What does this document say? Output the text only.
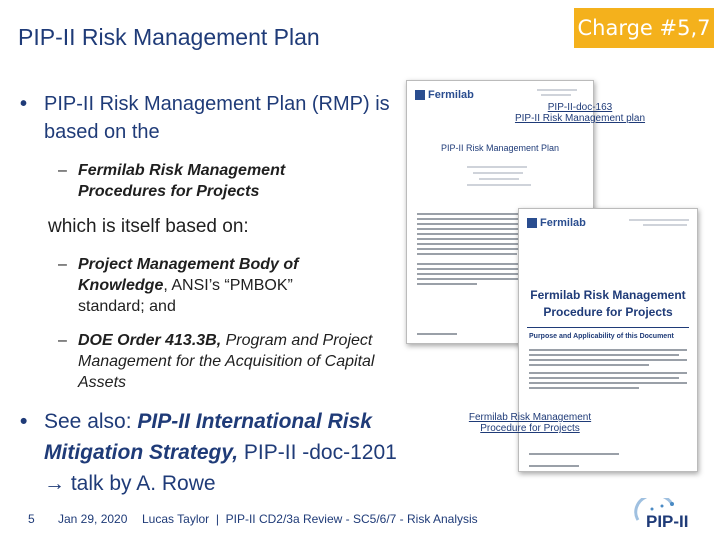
PIP-II Risk Management Plan	Charge #5,7
• PIP-II Risk Management Plan (RMP) is based on the
– Fermilab Risk Management Procedures for Projects
which is itself based on:
– Project Management Body of Knowledge, ANSI’s “PMBOK” standard; and
– DOE Order 413.3B, Program and Project Management for the Acquisition of Capital Assets
• See also: PIP-II International Risk Mitigation Strategy, PIP-II -doc-1201 → talk by A. Rowe
Fermilab
PIP-II Risk Management Plan
Fermilab
Fermilab Risk Management
Procedure for Projects
Purpose and Applicability of this Document
PIP-II-doc-163
PIP-II Risk Management plan
Fermilab Risk Management
Procedure for Projects
5 Jan 29, 2020 Lucas Taylor  |  PIP-II CD2/3a Review - SC5/6/7 - Risk Analysis	PIP-II
